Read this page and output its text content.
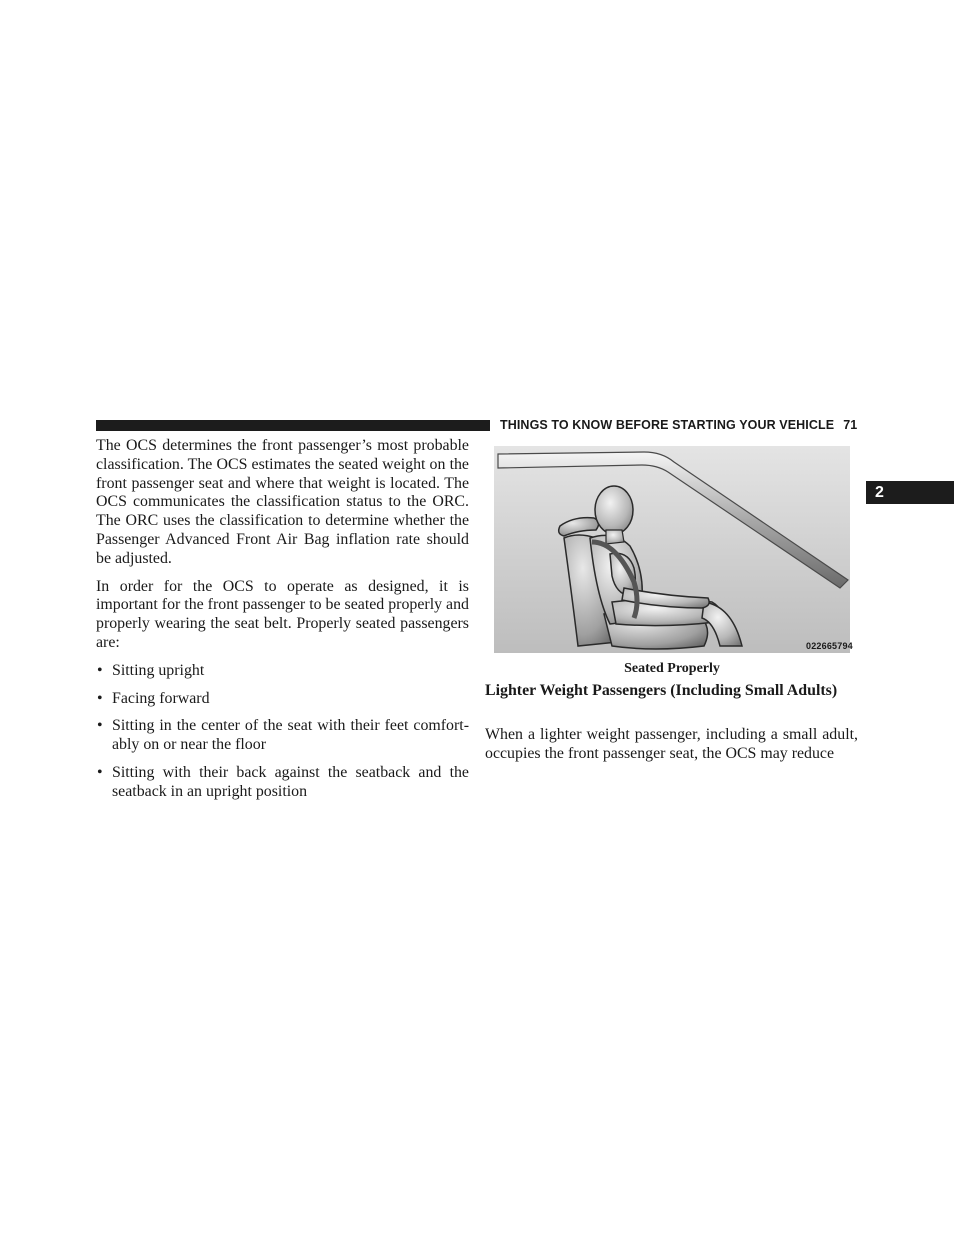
THINGS TO KNOW BEFORE STARTING YOUR VEHICLE 71
2

The OCS determines the front passenger’s most probable classification. The OCS estimates the seated weight on the front passenger seat and where that weight is located. The OCS communicates the classification status to the ORC. The ORC uses the classification to determine whether the Passenger Advanced Front Air Bag inflation rate should be adjusted.

In order for the OCS to operate as designed, it is important for the front passenger to be seated properly and properly wearing the seat belt. Properly seated passengers are:

• Sitting upright
• Facing forward
• Sitting in the center of the seat with their feet comfort- ably on or near the floor
• Sitting with their back against the seatback and the seatback in an upright position
022665794
Seated Properly
Lighter Weight Passengers (Including Small Adults)
When a lighter weight passenger, including a small adult, occupies the front passenger seat, the OCS may reduce
